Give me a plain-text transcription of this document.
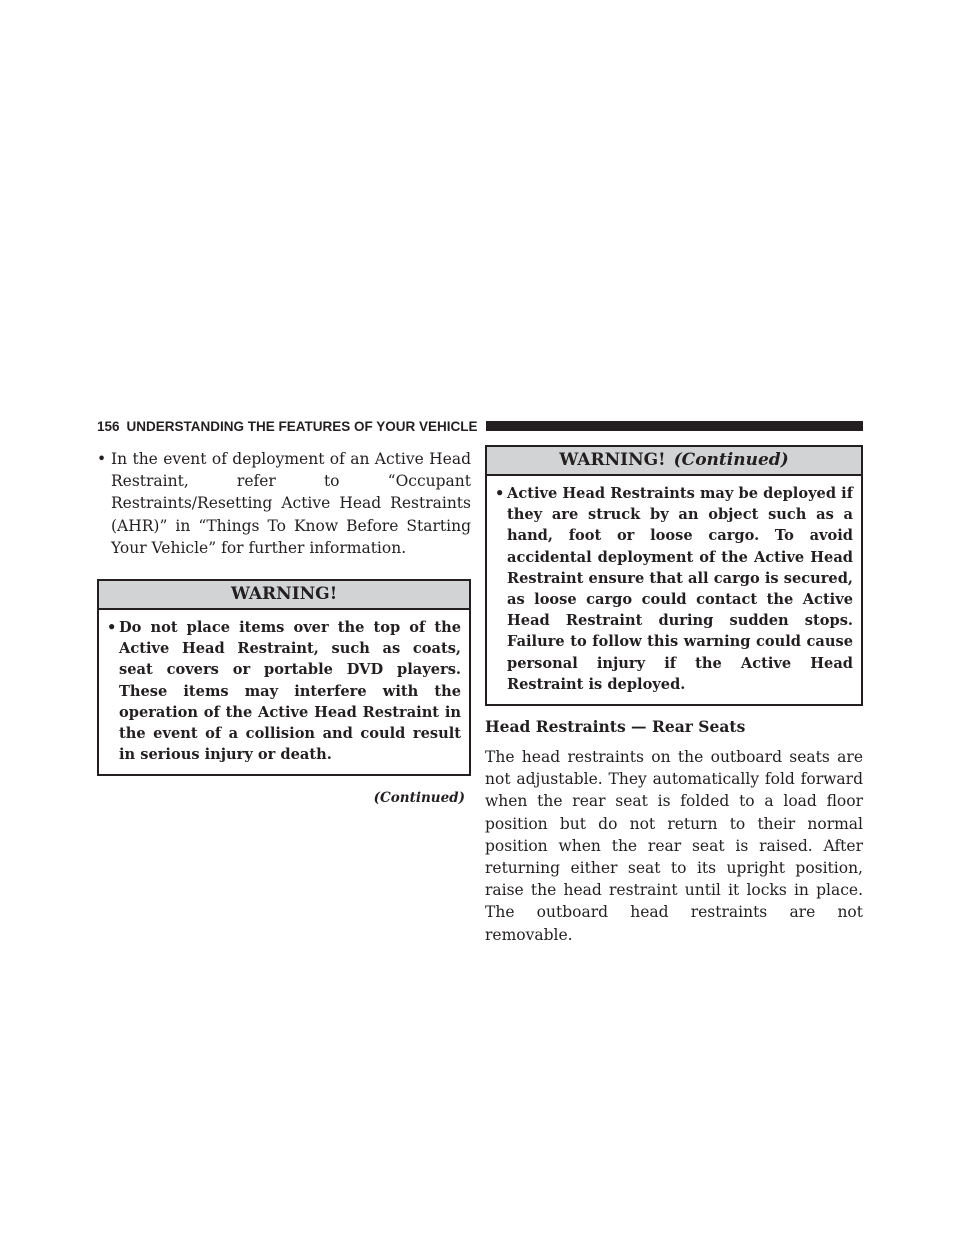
156 UNDERSTANDING THE FEATURES OF YOUR VEHICLE
• In the event of deployment of an Active Head Restraint, refer to “Occupant Restraints/Resetting Active Head Restraints (AHR)” in “Things To Know Before Starting Your Vehicle” for further information.
WARNING!
• Do not place items over the top of the Active Head Restraint, such as coats, seat covers or portable DVD players. These items may interfere with the operation of the Active Head Restraint in the event of a collision and could result in serious injury or death.
(Continued)
WARNING! (Continued)
• Active Head Restraints may be deployed if they are struck by an object such as a hand, foot or loose cargo. To avoid accidental deployment of the Active Head Restraint ensure that all cargo is secured, as loose cargo could contact the Active Head Restraint during sudden stops. Failure to follow this warning could cause personal injury if the Active Head Restraint is deployed.
Head Restraints — Rear Seats
The head restraints on the outboard seats are not adjustable. They automatically fold forward when the rear seat is folded to a load floor position but do not return to their normal position when the rear seat is raised. After returning either seat to its upright position, raise the head restraint until it locks in place. The outboard head restraints are not removable.
